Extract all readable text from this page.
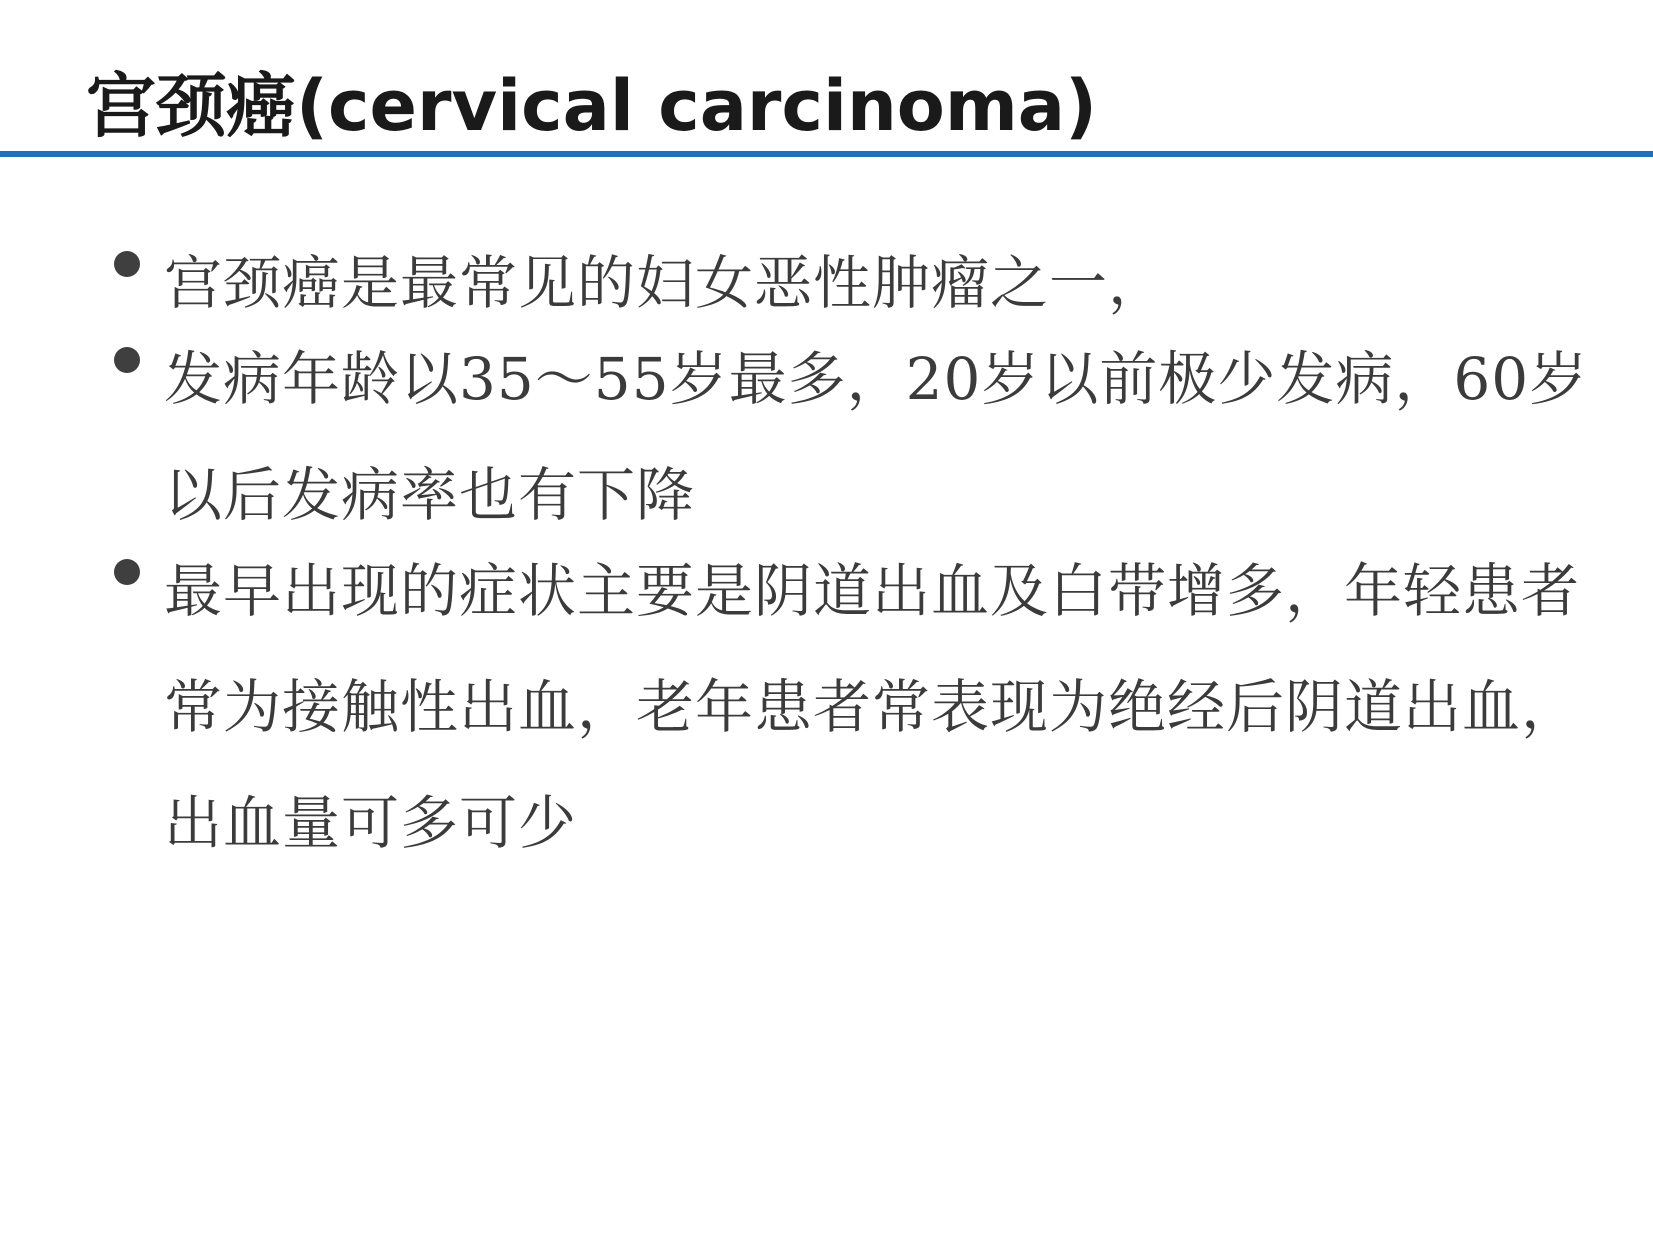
宫颈癌(cervical carcinoma)
宫颈癌是最常见的妇女恶性肿瘤之一，
发病年龄以35～55岁最多，20岁以前极少发病，60岁以后发病率也有下降
最早出现的症状主要是阴道出血及白带增多，年轻患者常为接触性出血，老年患者常表现为绝经后阴道出血，出血量可多可少
